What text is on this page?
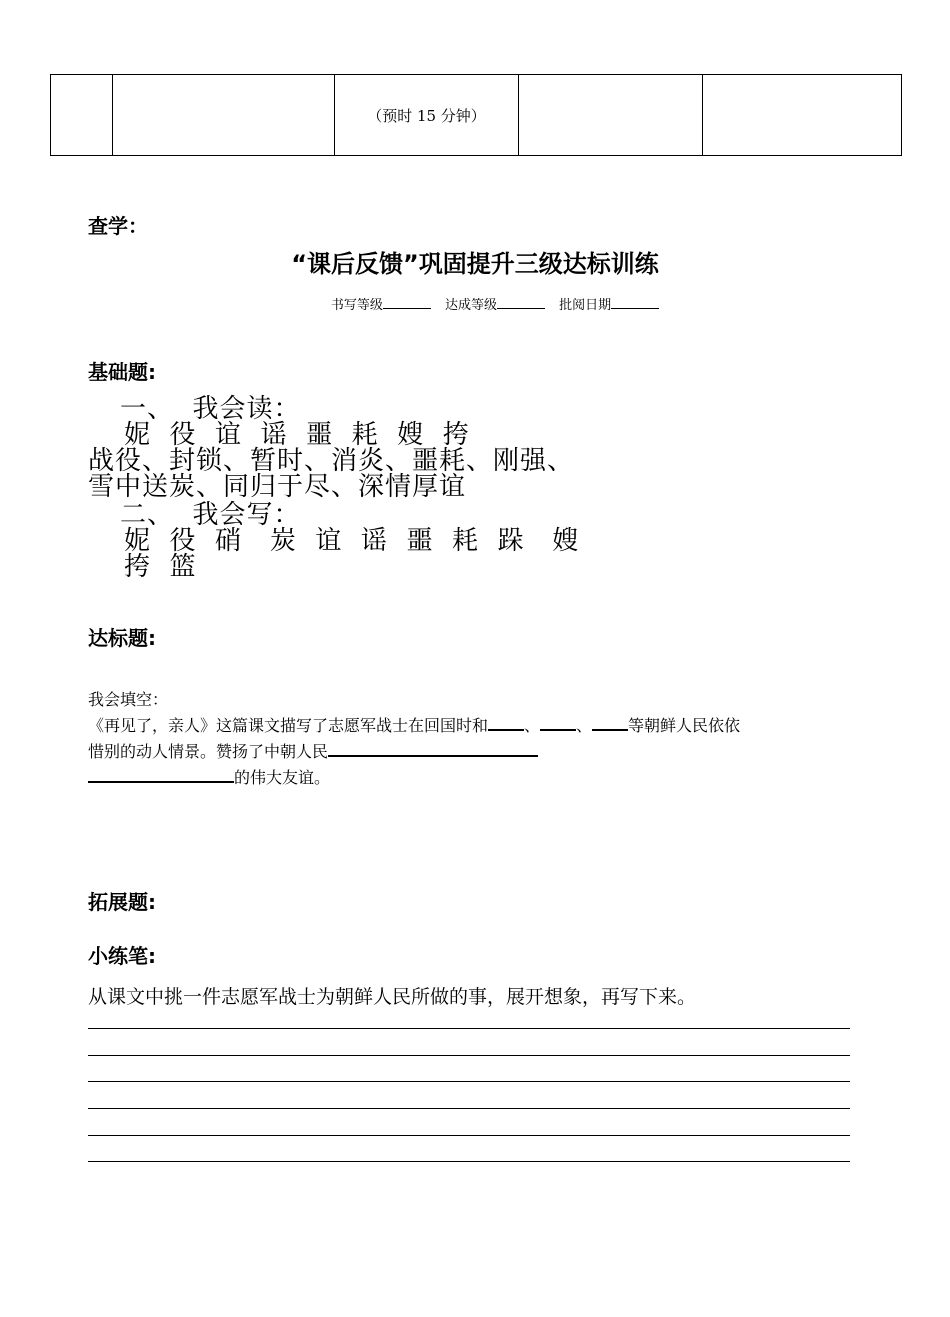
		（预时 15 分钟）		
查学：
“课后反馈”巩固提升三级达标训练
书写等级	达成等级	批阅日期
基础题:
一、  我会读：
妮  役  谊  谣  噩  耗  嫂  挎
战役、封锁、暂时、消炎、噩耗、刚强、
雪中送炭、同归于尽、深情厚谊
二、  我会写：
妮  役  硝   炭  谊  谣  噩  耗  跺   嫂
挎  篮
达标题:
我会填空：
《再见了，亲人》这篇课文描写了志愿军战士在回国时和 、 、 等朝鲜人民依依
惜别的动人情景。赞扬了中朝人民
的伟大友谊。
拓展题:
小练笔:
从课文中挑一件志愿军战士为朝鲜人民所做的事，展开想象，再写下来。
